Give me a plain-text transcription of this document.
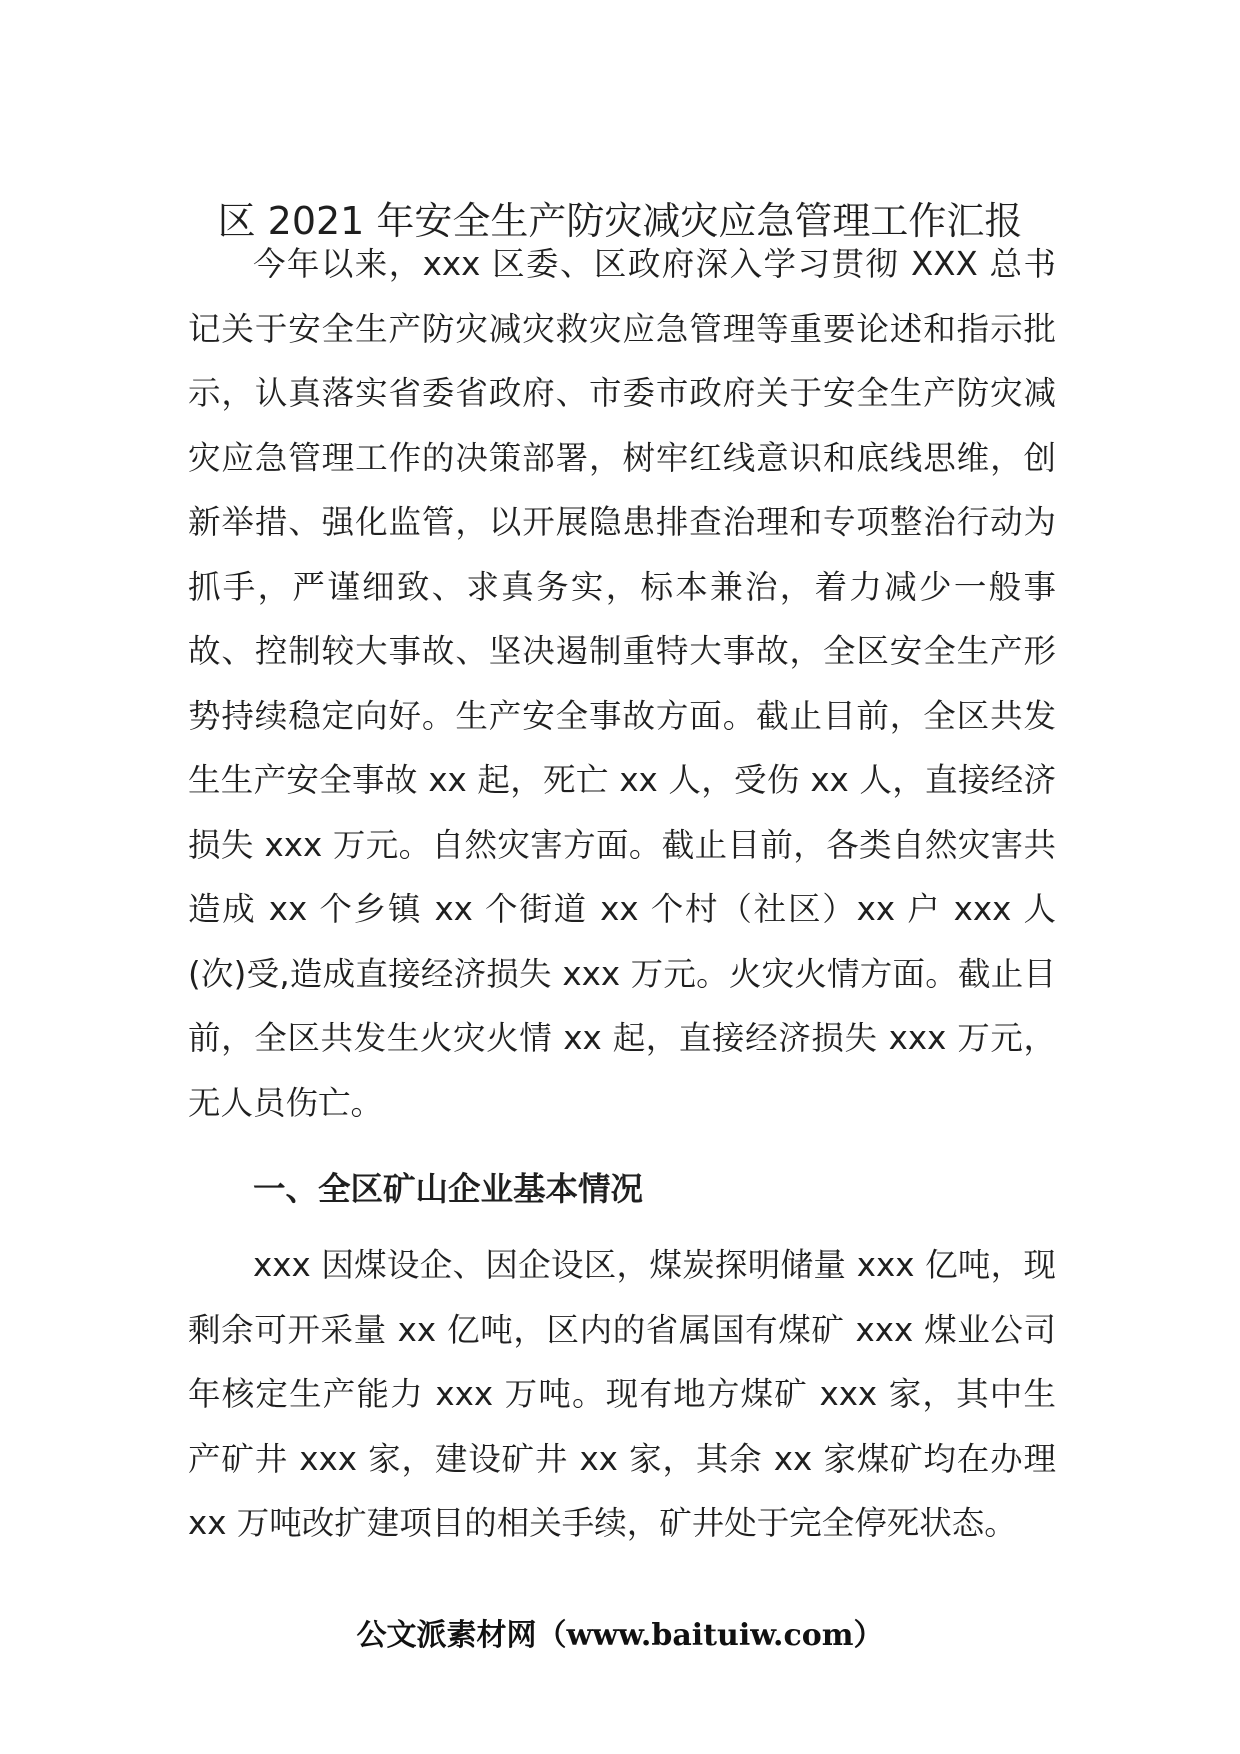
区 2021 年安全生产防灾减灾应急管理工作汇报

今年以来，xxx 区委、区政府深入学习贯彻 XXX 总书记关于安全生产防灾减灾救灾应急管理等重要论述和指示批示，认真落实省委省政府、市委市政府关于安全生产防灾减灾应急管理工作的决策部署，树牢红线意识和底线思维，创新举措、强化监管，以开展隐患排查治理和专项整治行动为抓手，严谨细致、求真务实，标本兼治，着力减少一般事故、控制较大事故、坚决遏制重特大事故，全区安全生产形势持续稳定向好。生产安全事故方面。截止目前，全区共发生生产安全事故 xx 起，死亡 xx 人，受伤 xx 人，直接经济损失 xxx 万元。自然灾害方面。截止目前，各类自然灾害共造成 xx 个乡镇 xx 个街道 xx 个村（社区）xx 户 xxx 人(次)受,造成直接经济损失 xxx 万元。火灾火情方面。截止目前，全区共发生火灾火情 xx 起，直接经济损失 xxx 万元，无人员伤亡。

一、全区矿山企业基本情况

xxx 因煤设企、因企设区，煤炭探明储量 xxx 亿吨，现剩余可开采量 xx 亿吨，区内的省属国有煤矿 xxx 煤业公司年核定生产能力 xxx 万吨。现有地方煤矿 xxx 家，其中生产矿井 xxx 家，建设矿井 xx 家，其余 xx 家煤矿均在办理 xx 万吨改扩建项目的相关手续，矿井处于完全停死状态。

公文派素材网（www.baituiw.com）
